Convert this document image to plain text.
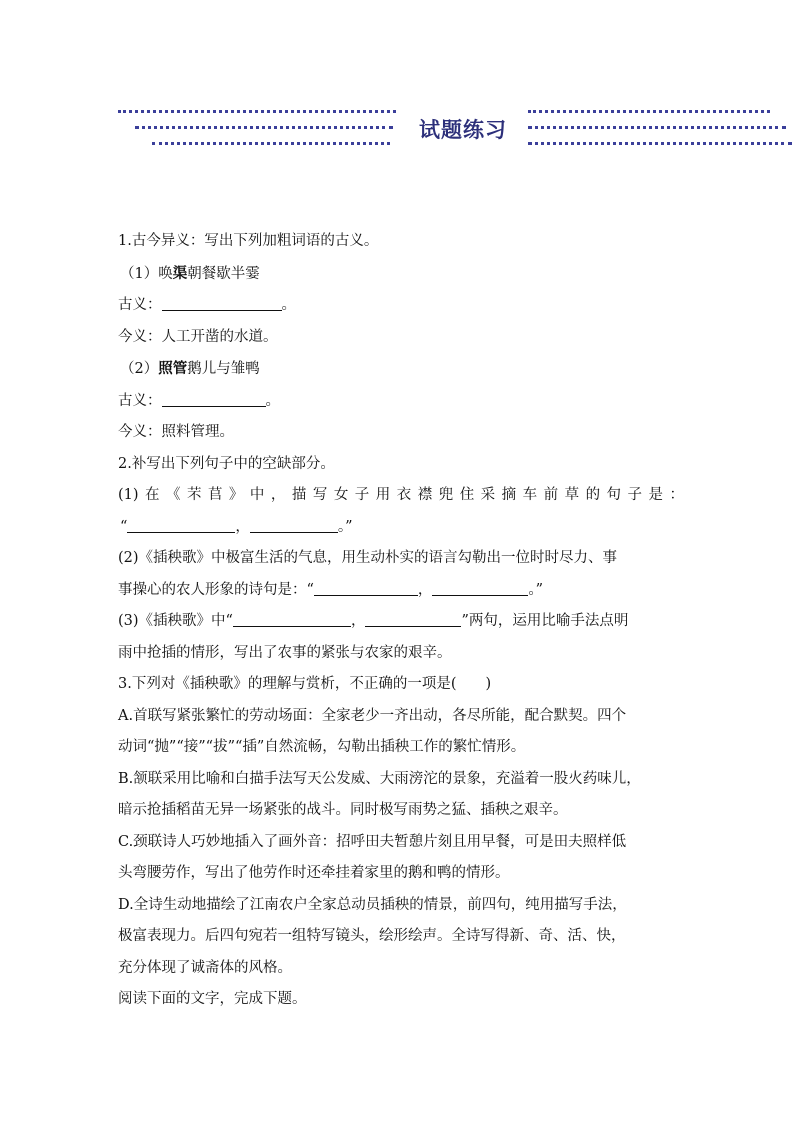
试题练习

1.古今异义：写出下列加粗词语的古义。

（1）唤渠朝餐歇半霎

古义：	。

今义：人工开凿的水道。

（2）照管鹅儿与雏鸭

古义：	。

今义：照料管理。

2.补写出下列句子中的空缺部分。

(1)在《芣苢》中，描写女子用衣襟兜住采摘车前草的句子是：

“	，	。”

(2)《插秧歌》中极富生活的气息，用生动朴实的语言勾勒出一位时时尽力、事

事操心的农人形象的诗句是：“	，	。”

(3)《插秧歌》中“	，	”两句，运用比喻手法点明

雨中抢插的情形，写出了农事的紧张与农家的艰辛。

3.下列对《插秧歌》的理解与赏析，不正确的一项是(　　)

A.首联写紧张繁忙的劳动场面：全家老少一齐出动，各尽所能，配合默契。四个

动词“抛”“接”“拔”“插”自然流畅，勾勒出插秧工作的繁忙情形。

B.颔联采用比喻和白描手法写天公发威、大雨滂沱的景象，充溢着一股火药味儿，

暗示抢插稻苗无异一场紧张的战斗。同时极写雨势之猛、插秧之艰辛。

C.颈联诗人巧妙地插入了画外音：招呼田夫暂憩片刻且用早餐，可是田夫照样低

头弯腰劳作，写出了他劳作时还牵挂着家里的鹅和鸭的情形。

D.全诗生动地描绘了江南农户全家总动员插秧的情景，前四句，纯用描写手法，

极富表现力。后四句宛若一组特写镜头，绘形绘声。全诗写得新、奇、活、快，

充分体现了诚斋体的风格。

阅读下面的文字，完成下题。
